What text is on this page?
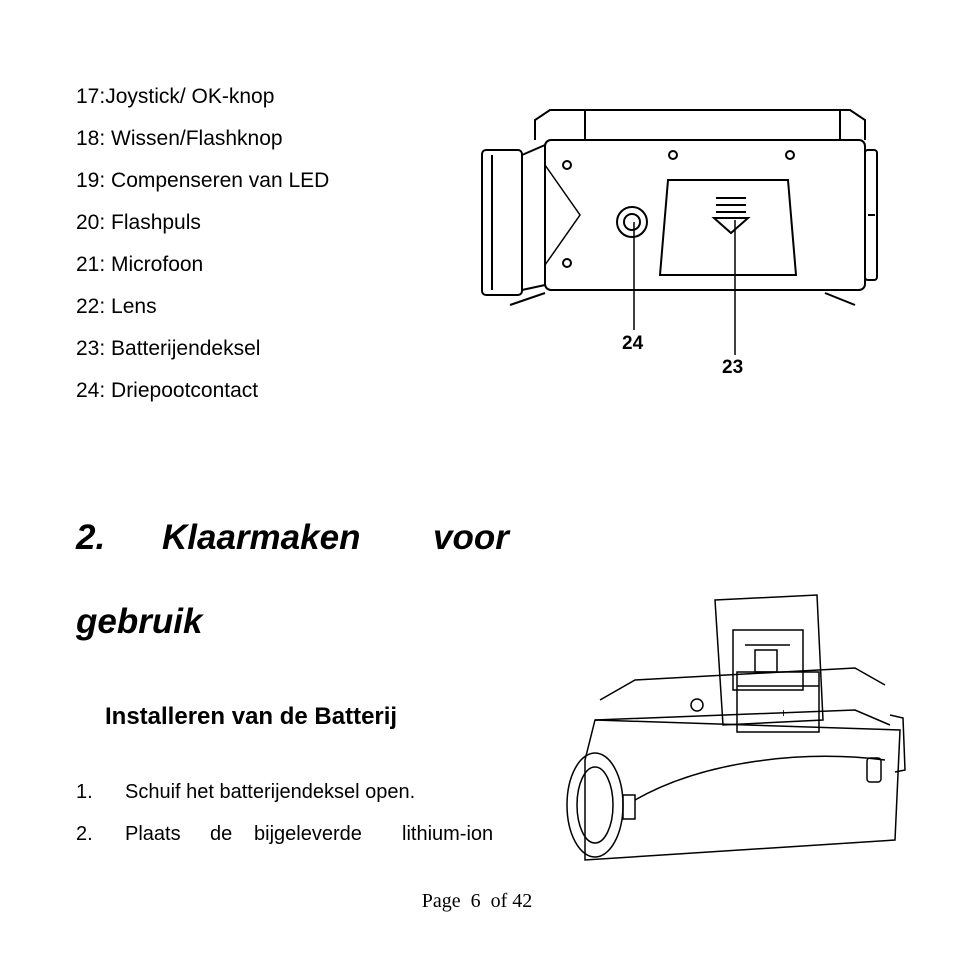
17:Joystick/ OK-knop
18: Wissen/Flashknop
19: Compenseren van LED
20: Flashpuls
21: Microfoon
22: Lens
23: Batterijendeksel
24: Driepootcontact
24
23
2. Klaarmaken voor
gebruik
Installeren van de Batterij
1. Schuif het batterijendeksel open.
2. Plaats de bijgeleverde lithium-ion
+
Page 6 of 42
